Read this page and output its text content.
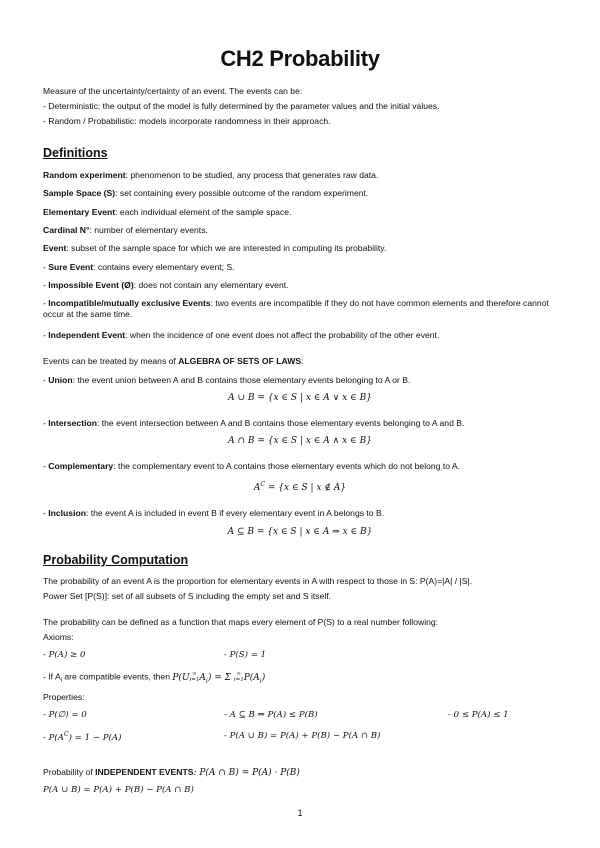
CH2 Probability
Measure of the uncertainty/certainty of an event. The events can be:
- Deterministic: the output of the model is fully determined by the parameter values and the initial values.
- Random / Probabilistic: models incorporate randomness in their approach.
Definitions
Random experiment: phenomenon to be studied, any process that generates raw data.
Sample Space (S): set containing every possible outcome of the random experiment.
Elementary Event: each individual element of the sample space.
Cardinal N°: number of elementary events.
Event: subset of the sample space for which we are interested in computing its probability.
- Sure Event: contains every elementary event; S.
- Impossible Event (Ø): does not contain any elementary event.
- Incompatible/mutually exclusive Events: two events are incompatible if they do not have common elements and therefore cannot occur at the same time.
- Independent Event: when the incidence of one event does not affect the probability of the other event.
Events can be treated by means of ALGEBRA OF SETS OF LAWS:
- Union: the event union between A and B contains those elementary events belonging to A or B.
A ∪ B = {x ∈ S | x ∈ A ∨ x ∈ B}
- Intersection: the event intersection between A and B contains those elementary events belonging to A and B.
A ∩ B = {x ∈ S | x ∈ A ∧ x ∈ B}
- Complementary: the complementary event to A contains those elementary events which do not belong to A.
$A^C = \{x$ ∈ S | x ∉ A}
- Inclusion: the event A is included in event B if every elementary event in A belongs to B.
A ⊆ B = {x ∈ S | x ∈ A ⇒ x ∈ B}
Probability Computation
The probability of an event A is the proportion for elementary events in A with respect to those in S: P(A)=|A| / |S|.
Power Set [P(S)]: set of all subsets of S including the empty set and S itself.
The probability can be defined as a function that maps every element of P(S) to a real number following:
Axioms:
- P(A) ≥ 0	- P(S) = 1
- If $A_i$ are compatible events, then P(U ∞
i=1 $A_i) = \Sigma$	∞
i=1 $P(A_i)$
Properties:
- P(∅) = 0	- A ⊆ B ⇒ P(A) ≤ P(B)	- 0 ≤ P(A) ≤ 1
- $P(A^C) = 1 - P(A)$	- P(A ∪ B) = P(A) + P(B) − P(A ∩ B)
Probability of INDEPENDENT EVENTS: P(A ∩ B) = P(A) · P(B)
P(A ∪ B) = P(A) + P(B) − P(A ∩ B)
1
